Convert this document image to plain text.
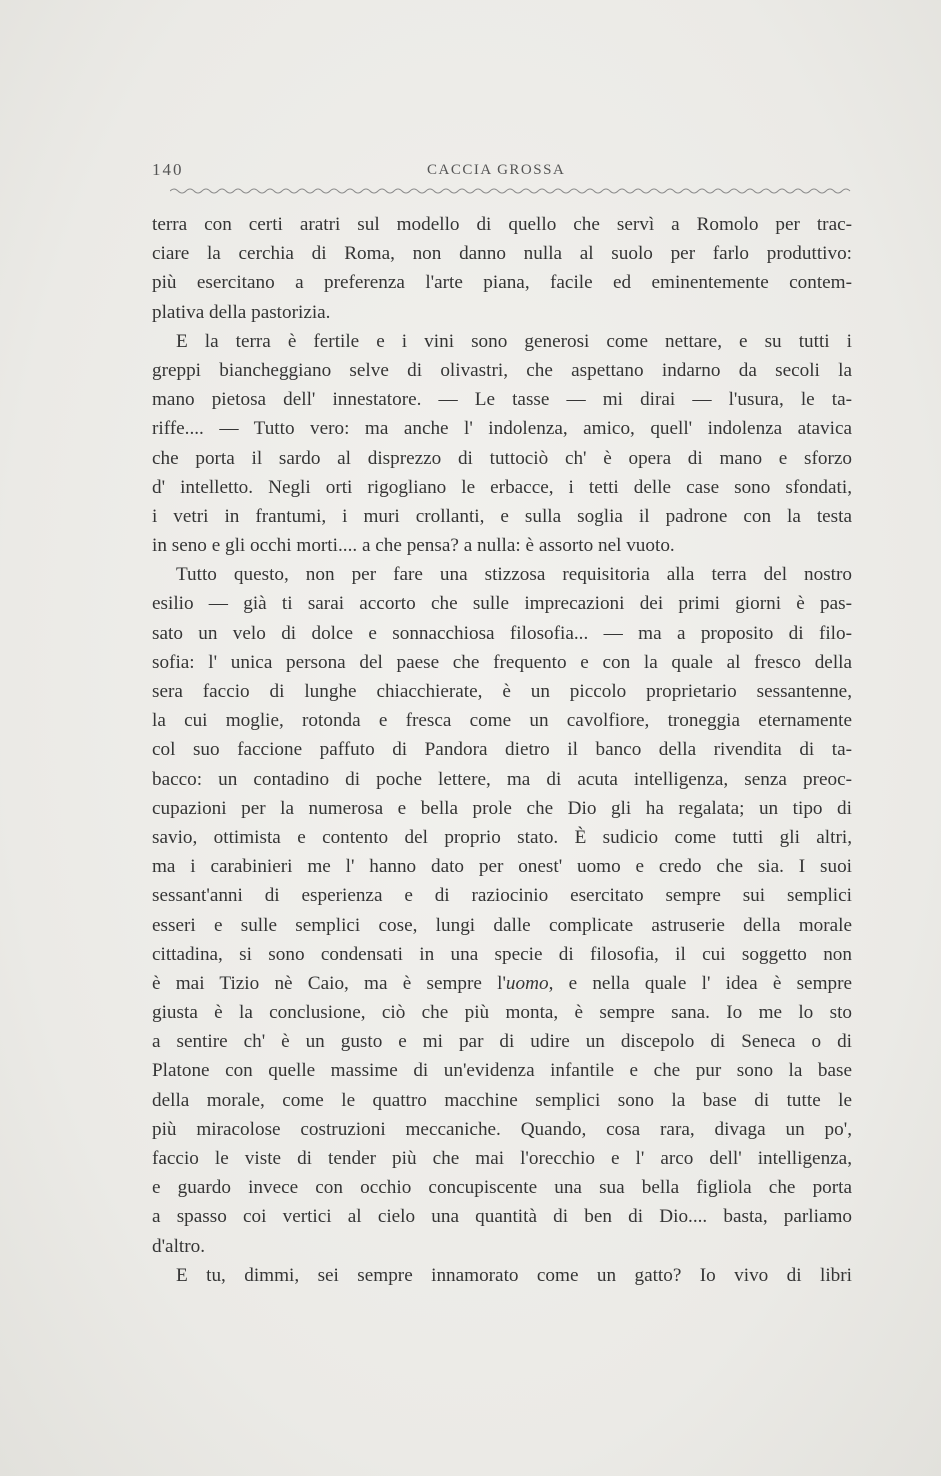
140	CACCIA GROSSA
terra con certi aratri sul modello di quello che servì a Romolo per trac-
ciare la cerchia di Roma, non danno nulla al suolo per farlo produttivo:
più esercitano a preferenza l'arte piana, facile ed eminentemente contem-
plativa della pastorizia.
E la terra è fertile e i vini sono generosi come nettare, e su tutti i
greppi biancheggiano selve di olivastri, che aspettano indarno da secoli la
mano pietosa dell' innestatore. — Le tasse — mi dirai — l'usura, le ta-
riffe.... — Tutto vero: ma anche l' indolenza, amico, quell' indolenza atavica
che porta il sardo al disprezzo di tuttociò ch' è opera di mano e sforzo
d' intelletto. Negli orti rigogliano le erbacce, i tetti delle case sono sfondati,
i vetri in frantumi, i muri crollanti, e sulla soglia il padrone con la testa
in seno e gli occhi morti.... a che pensa? a nulla: è assorto nel vuoto.
Tutto questo, non per fare una stizzosa requisitoria alla terra del nostro
esilio — già ti sarai accorto che sulle imprecazioni dei primi giorni è pas-
sato un velo di dolce e sonnacchiosa filosofia... — ma a proposito di filo-
sofia: l' unica persona del paese che frequento e con la quale al fresco della
sera faccio di lunghe chiacchierate, è un piccolo proprietario sessantenne,
la cui moglie, rotonda e fresca come un cavolfiore, troneggia eternamente
col suo faccione paffuto di Pandora dietro il banco della rivendita di ta-
bacco: un contadino di poche lettere, ma di acuta intelligenza, senza preoc-
cupazioni per la numerosa e bella prole che Dio gli ha regalata; un tipo di
savio, ottimista e contento del proprio stato. È sudicio come tutti gli altri,
ma i carabinieri me l' hanno dato per onest' uomo e credo che sia. I suoi
sessant'anni di esperienza e di raziocinio esercitato sempre sui semplici
esseri e sulle semplici cose, lungi dalle complicate astruserie della morale
cittadina, si sono condensati in una specie di filosofia, il cui soggetto non
è mai Tizio nè Caio, ma è sempre l'uomo, e nella quale l' idea è sempre
giusta è la conclusione, ciò che più monta, è sempre sana. Io me lo sto
a sentire ch' è un gusto e mi par di udire un discepolo di Seneca o di
Platone con quelle massime di un'evidenza infantile e che pur sono la base
della morale, come le quattro macchine semplici sono la base di tutte le
più miracolose costruzioni meccaniche. Quando, cosa rara, divaga un po',
faccio le viste di tender più che mai l'orecchio e l' arco dell' intelligenza,
e guardo invece con occhio concupiscente una sua bella figliola che porta
a spasso coi vertici al cielo una quantità di ben di Dio.... basta, parliamo
d'altro.
E tu, dimmi, sei sempre innamorato come un gatto? Io vivo di libri
